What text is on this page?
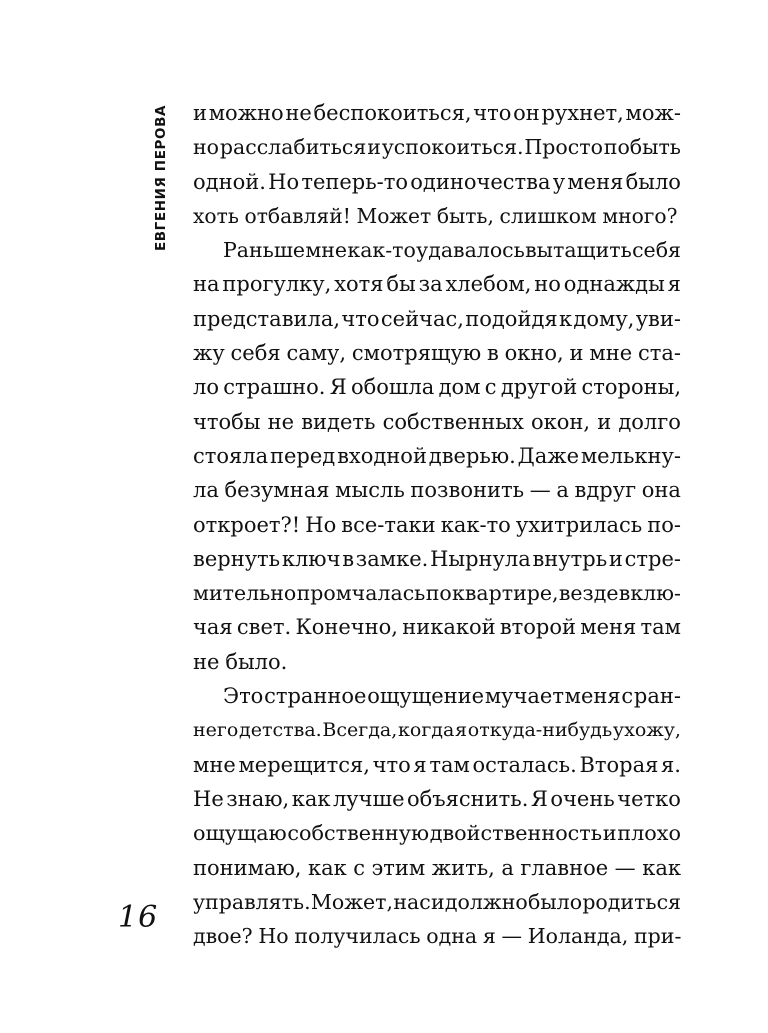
ЕВГЕНИЯ ПЕРОВА и можно не беспокоиться, что он рухнет, мож-
но расслабиться и успокоиться. Просто побыть
одной. Но теперь-то одиночества у меня было
хоть отбавляй! Может быть, слишком много?
Раньше мне как-то удавалось вытащить себя
на прогулку, хотя бы за хлебом, но однажды я
представила, что сейчас, подойдя к дому, уви-
жу себя саму, смотрящую в окно, и мне ста-
ло страшно. Я обошла дом с другой стороны,
чтобы не видеть собственных окон, и долго
стояла перед входной дверью. Даже мелькну-
ла безумная мысль позвонить — а вдруг она
откроет?! Но все-таки как-то ухитрилась по-
вернуть ключ в замке. Нырнула внутрь и стре-
мительно промчалась по квартире, везде вклю-
чая свет. Конечно, никакой второй меня там
не было.
Это странное ощущение мучает меня с ран-
него детства. Всегда, когда я откуда-нибудь ухожу,
мне мерещится, что я там осталась. Вторая я.
Не знаю, как лучше объяснить. Я очень четко
ощущаю собственную двойственность и плохо
понимаю, как с этим жить, а главное — как
управлять. Может, нас и должно было родиться
двое? Но получилась одна я — Иоланда, при-
16
